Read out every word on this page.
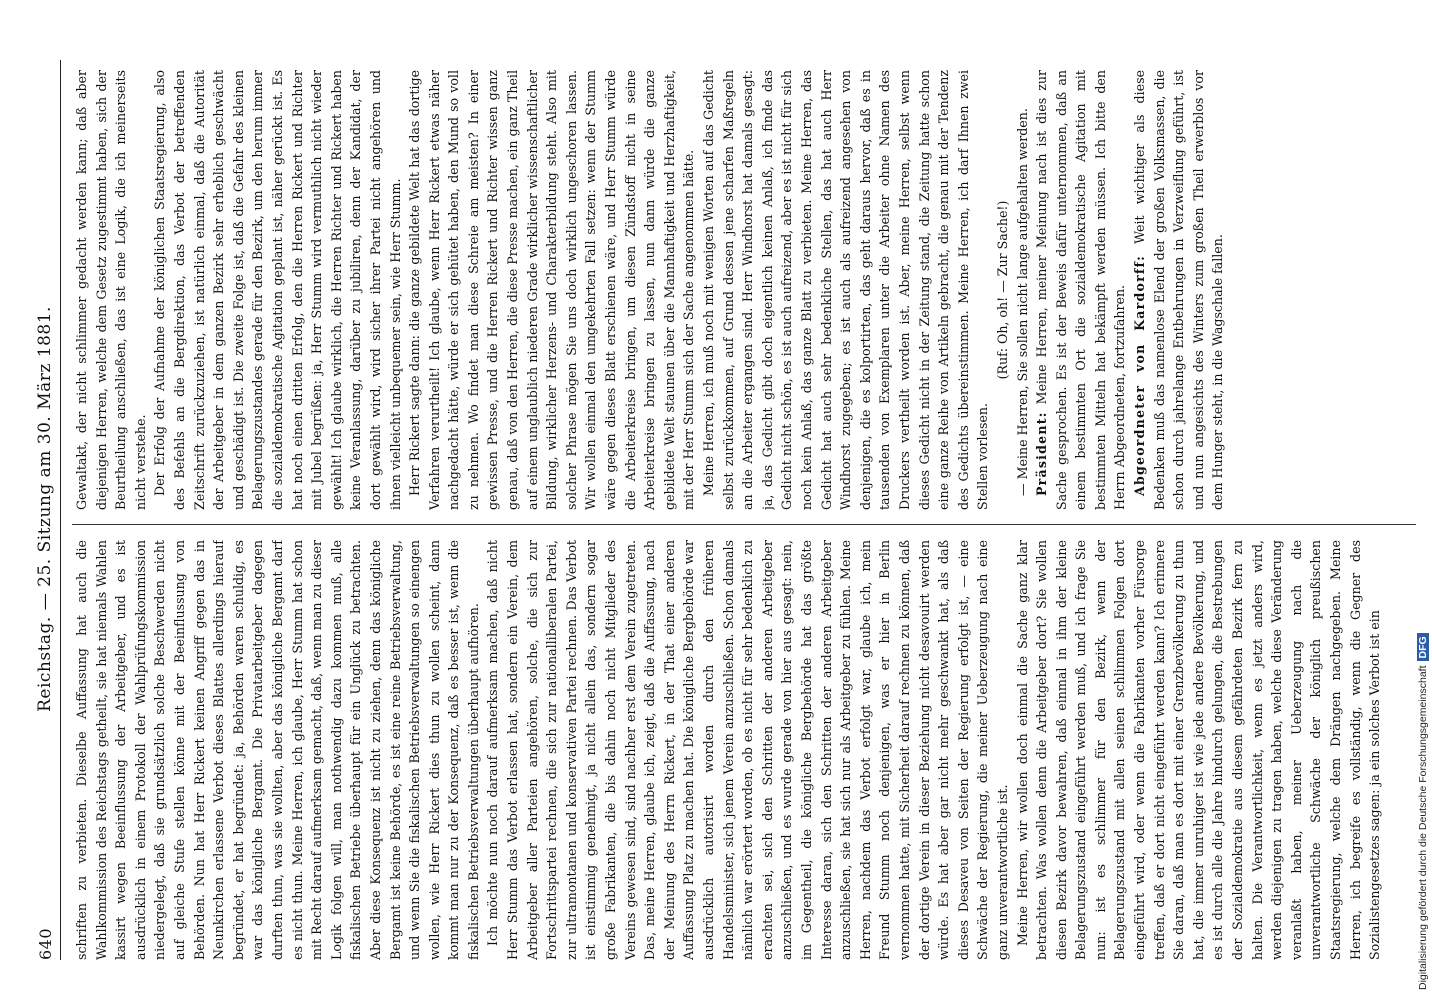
640
Reichstag. — 25. Sitzung am 30. März 1881.

schriften zu verbieten. Dieselbe Auffassung hat auch die Wahlkommission des Reichstags getheilt, sie hat niemals Wahlen kassirt wegen Beeinflussung der Arbeitgeber, und es ist ausdrücklich in einem Protokoll der Wahlprüfungskommission niedergelegt, daß sie grundsätzlich solche Beschwerden nicht auf gleiche Stufe stellen könne mit der Beeinflussung von Behörden. Nun hat Herr Rickert keinen Angriff gegen das in Neunkirchen erlassene Verbot dieses Blattes allerdings hierauf begründet, er hat begründet: ja, Behörden waren schuldig, es war das königliche Bergamt. Die Privatarbeitgeber dagegen durften thun, was sie wollten, aber das königliche Bergamt darf es nicht thun. Meine Herren, ich glaube, Herr Stumm hat schon mit Recht darauf aufmerksam gemacht, daß, wenn man zu dieser Logik folgen will, man nothwendig dazu kommen muß, alle fiskalischen Betriebe überhaupt für ein Unglück zu betrachten. Aber diese Konsequenz ist nicht zu ziehen, denn das königliche Bergamt ist keine Behörde, es ist eine reine Betriebsverwaltung, und wenn Sie die fiskalischen Betriebsverwaltungen so einengen wollen, wie Herr Rickert dies thun zu wollen scheint, dann kommt man nur zu der Konsequenz, daß es besser ist, wenn die fiskalischen Betriebsverwaltungen überhaupt aufhören. Ich möchte nun noch darauf aufmerksam machen, daß nicht Herr Stumm das Verbot erlassen hat, sondern ein Verein, dem Arbeitgeber aller Parteien angehören, solche, die sich zur Fortschrittspartei rechnen, die sich zur nationalliberalen Partei, zur ultramontanen und konservativen Partei rechnen. Das Verbot ist einstimmig genehmigt, ja nicht allein das, sondern sogar große Fabrikanten, die bis dahin noch nicht Mitglieder des Vereins gewesen sind, sind nachher erst dem Verein zugetreten. Das, meine Herren, glaube ich, zeigt, daß die Auffassung, nach der Meinung des Herrn Rickert, in der That einer anderen Auffassung Platz zu machen hat. Die königliche Bergbehörde war ausdrücklich autorisirt worden durch den früheren Handelsminister, sich jenem Verein anzuschließen. Schon damals nämlich war erörtert worden, ob es nicht für sehr bedenklich zu erachten sei, sich den Schritten der anderen Arbeitgeber anzuschließen, und es wurde gerade von hier aus gesagt: nein, im Gegentheil, die königliche Bergbehörde hat das größte Interesse daran, sich den Schritten der anderen Arbeitgeber anzuschließen, sie hat sich nur als Arbeitgeber zu fühlen. Meine Herren, nachdem das Verbot erfolgt war, glaube ich, mein Freund Stumm noch denjenigen, was er hier in Berlin vernommen hatte, mit Sicherheit darauf rechnen zu können, daß der dortige Verein in dieser Beziehung nicht desavouirt werden würde. Es hat aber gar nicht mehr geschwankt hat, als daß dieses Desaveu von Seiten der Regierung erfolgt ist, — eine Schwäche der Regierung, die meiner Ueberzeugung nach eine ganz unverantwortliche ist. Meine Herren, wir wollen doch einmal die Sache ganz klar betrachten. Was wollen denn die Arbeitgeber dort? Sie wollen diesen Bezirk davor bewahren, daß einmal in ihm der kleine Belagerungszustand eingeführt werden muß, und ich frage Sie nun: ist es schlimmer für den Bezirk, wenn der Belagerungszustand mit allen seinen schlimmen Folgen dort eingeführt wird, oder wenn die Fabrikanten vorher Fürsorge treffen, daß er dort nicht eingeführt werden kann? Ich erinnere Sie daran, daß man es dort mit einer Grenzbevölkerung zu thun hat, die immer unruhiger ist wie jede andere Bevölkerung, und es ist durch alle die Jahre hindurch gelungen, die Bestrebungen der Sozialdemokratie aus diesem gefährdeten Bezirk fern zu halten. Die Verantwortlichkeit, wenn es jetzt anders wird, werden diejenigen zu tragen haben, welche diese Veränderung veranlaßt haben, meiner Ueberzeugung nach die unverantwortliche Schwäche der königlich preußischen Staatsregierung, welche dem Drängen nachgegeben. Meine Herren, ich begreife es vollständig, wenn die Gegner des Sozialistengesetzes sagen: ja ein solches Verbot ist ein

Gewaltakt, der nicht schlimmer gedacht werden kann; daß aber diejenigen Herren, welche dem Gesetz zugestimmt haben, sich der Beurtheilung anschließen, das ist eine Logik, die ich meinerseits nicht verstehe. Der Erfolg der Aufnahme der königlichen Staatsregierung, also des Befehls an die Bergdirektion, das Verbot der betreffenden Zeitschrift zurückzuziehen, ist natürlich einmal, daß die Autorität der Arbeitgeber in dem ganzen Bezirk sehr erheblich geschwächt und geschädigt ist. Die zweite Folge ist, daß die Gefahr des kleinen Belagerungszustandes gerade für den Bezirk, um den herum immer die sozialdemokratische Agitation geplant ist, näher gerückt ist. Es hat noch einen dritten Erfolg, den die Herren Rickert und Richter mit Jubel begrüßen: ja, Herr Stumm wird vermuthlich nicht wieder gewählt! Ich glaube wirklich, die Herren Richter und Rickert haben keine Veranlassung, darüber zu jubiliren, denn der Kandidat, der dort gewählt wird, wird sicher ihrer Partei nicht angehören und ihnen vielleicht unbequemer sein, wie Herr Stumm. Herr Rickert sagte dann: die ganze gebildete Welt hat das dortige Verfahren verurtheilt! Ich glaube, wenn Herr Rickert etwas näher nachgedacht hätte, würde er sich gehütet haben, den Mund so voll zu nehmen. Wo findet man diese Schreie am meisten? In einer gewissen Presse, und die Herren Rickert und Richter wissen ganz genau, daß von den Herren, die diese Presse machen, ein ganz Theil auf einem unglaublich niederen Grade wirklicher wissenschaftlicher Bildung, wirklicher Herzens- und Charakterbildung steht. Also mit solcher Phrase mögen Sie uns doch wirklich ungeschoren lassen. Wir wollen einmal den umgekehrten Fall setzen: wenn der Stumm wäre gegen dieses Blatt erschienen wäre, und Herr Stumm würde die Arbeiterkreise bringen, um diesen Zündstoff nicht in seine Arbeiterkreise bringen zu lassen, nun dann würde die ganze gebildete Welt staunen über die Mannhaftigkeit und Herzhaftigkeit, mit der Herr Stumm sich der Sache angenommen hätte. Meine Herren, ich muß noch mit wenigen Worten auf das Gedicht selbst zurückkommen, auf Grund dessen jene scharfen Maßregeln an die Arbeiter ergangen sind. Herr Windhorst hat damals gesagt: ja, das Gedicht gibt doch eigentlich keinen Anlaß, ich finde das Gedicht nicht schön, es ist auch aufreizend, aber es ist nicht für sich noch kein Anlaß, das ganze Blatt zu verbieten. Meine Herren, das Gedicht hat auch sehr bedenkliche Stellen, das hat auch Herr Windhorst zugegeben; es ist auch als aufreizend angesehen von denjenigen, die es kolportirten, das geht daraus hervor, daß es in tausenden von Exemplaren unter die Arbeiter ohne Namen des Druckers vertheilt worden ist. Aber, meine Herren, selbst wenn dieses Gedicht nicht in der Zeitung stand, die Zeitung hatte schon eine ganze Reihe von Artikeln gebracht, die genau mit der Tendenz des Gedichts übereinstimmen. Meine Herren, ich darf Ihnen zwei Stellen vorlesen.

(Ruf: Oh, oh! — Zur Sache!) — Meine Herren, Sie sollen nicht lange aufgehalten werden. Präsident: Meine Herren, meiner Meinung nach ist dies zur Sache gesprochen. Es ist der Beweis dafür unternommen, daß an einem bestimmten Ort die sozialdemokratische Agitation mit bestimmten Mitteln hat bekämpft werden müssen. Ich bitte den Herrn Abgeordneten, fortzufahren. Abgeordneter von Kardorff: Weit wichtiger als diese Bedenken muß das namenlose Elend der großen Volksmassen, die schon durch jahrelange Entbehrungen in Verzweiflung geführt, ist und nun angesichts des Winters zum großen Theil erwerblos vor dem Hunger steht, in die Wagschale fallen.

Digitalisierung gefördert durch die Deutsche ForschungsgemeinschaftDFG
